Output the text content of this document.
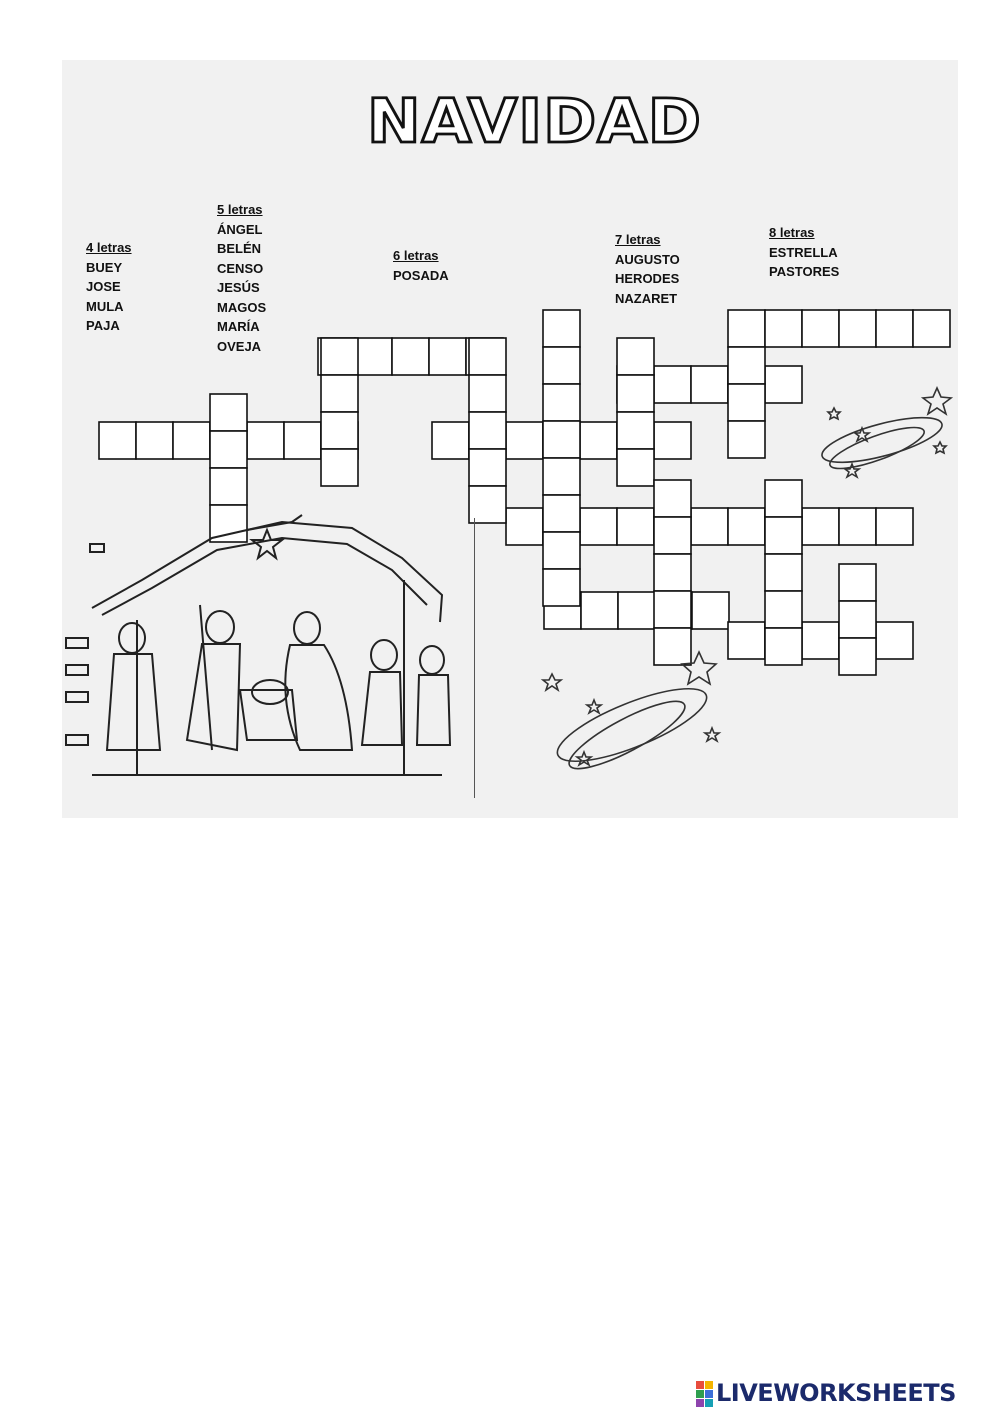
NAVIDAD
4 letras
BUEY
JOSE
MULA
PAJA
5 letras
ÁNGEL
BELÉN
CENSO
JESÚS
MAGOS
MARÍA
OVEJA
6 letras
POSADA
7 letras
AUGUSTO
HERODES
NAZARET
8 letras
ESTRELLA
PASTORES
LIVEWORKSHEETS
